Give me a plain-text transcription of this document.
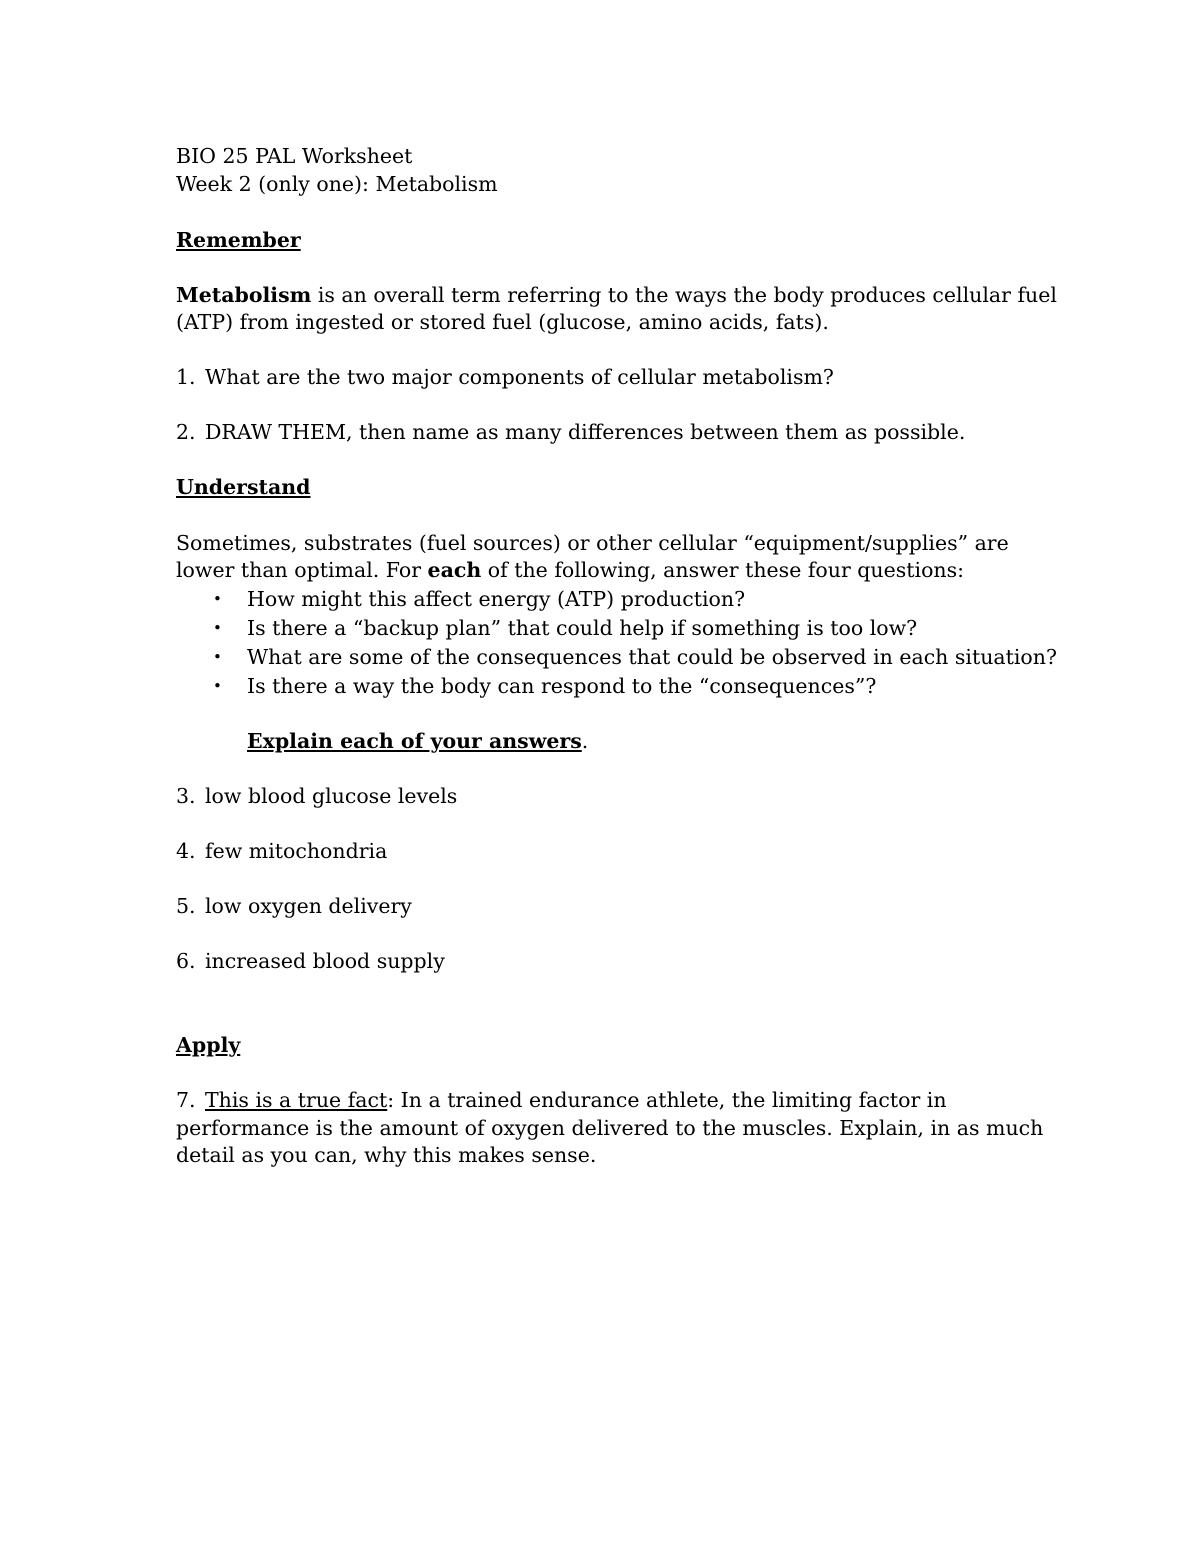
BIO 25 PAL Worksheet
Week 2 (only one): Metabolism
Remember
Metabolism is an overall term referring to the ways the body produces cellular fuel
(ATP) from ingested or stored fuel (glucose, amino acids, fats).
1. What are the two major components of cellular metabolism?
2. DRAW THEM, then name as many differences between them as possible.
Understand
Sometimes, substrates (fuel sources) or other cellular “equipment/supplies” are
lower than optimal. For each of the following, answer these four questions:
• How might this affect energy (ATP) production?
• Is there a “backup plan” that could help if something is too low?
• What are some of the consequences that could be observed in each situation?
• Is there a way the body can respond to the “consequences”?
Explain each of your answers.
3. low blood glucose levels
4. few mitochondria
5. low oxygen delivery
6. increased blood supply
Apply
7. This is a true fact: In a trained endurance athlete, the limiting factor in
performance is the amount of oxygen delivered to the muscles. Explain, in as much
detail as you can, why this makes sense.
